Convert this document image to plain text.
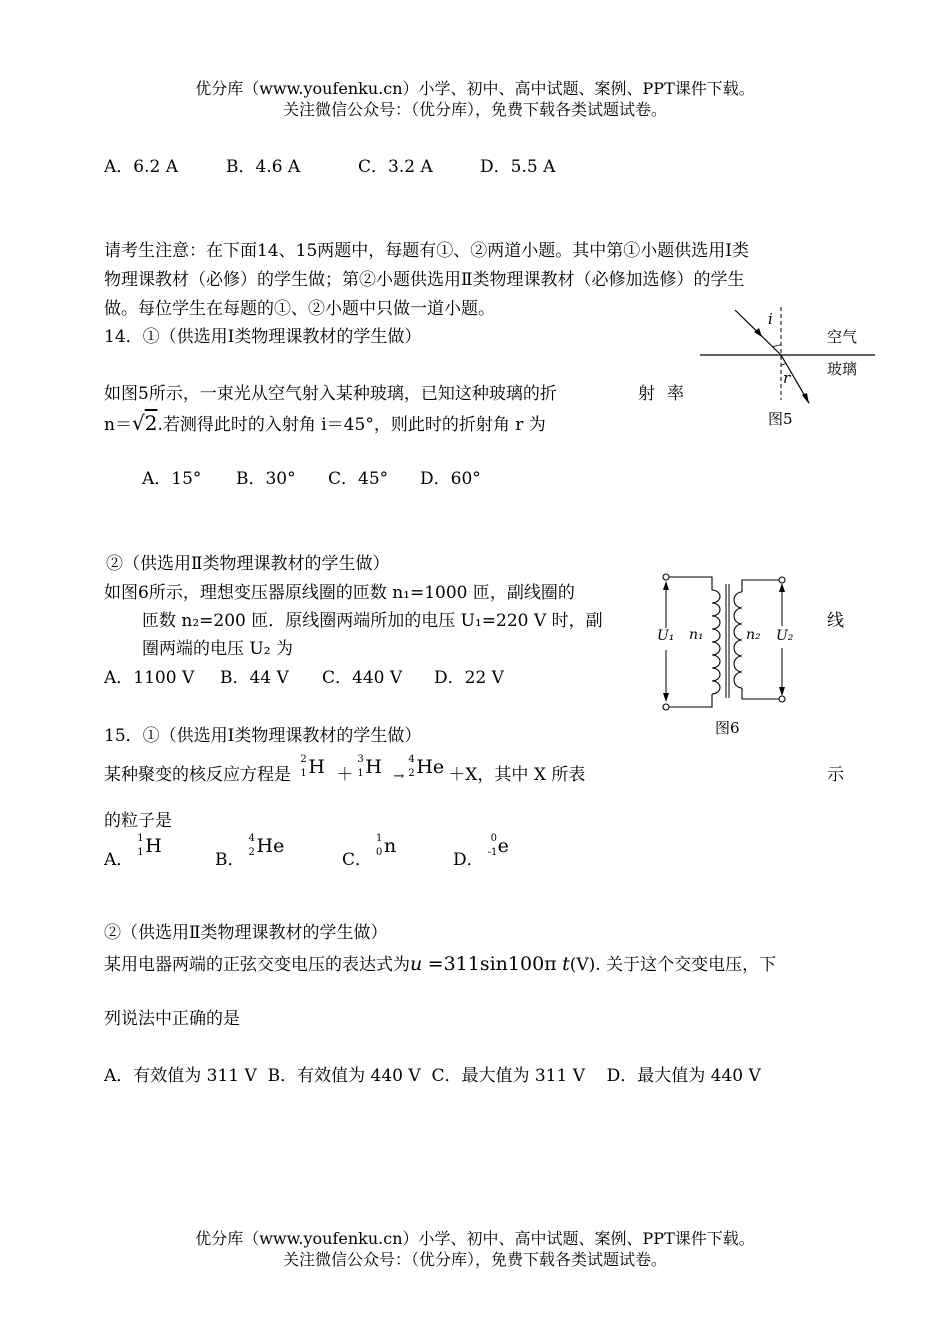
优分库（www.youfenku.cn）小学、初中、高中试题、案例、PPT课件下载。
关注微信公众号：（优分库），免费下载各类试题试卷。
A．6.2 A	B．4.6 A	C．3.2 A	D．5.5 A
请考生注意：在下面14、15两题中，每题有①、②两道小题。其中第①小题供选用Ⅰ类
物理课教材（必修）的学生做；第②小题供选用Ⅱ类物理课教材（必修加选修）的学生
做。每位学生在每题的①、②小题中只做一道小题。
14．①（供选用Ⅰ类物理课教材的学生做）
如图5所示，一束光从空气射入某种玻璃，已知这种玻璃的折	射 率
n＝√2.若测得此时的入射角 i＝45°，则此时的折射角 r 为
A．15° B．30° C．45° D．60°
i
r
空气
玻璃
图5
②（供选用Ⅱ类物理课教材的学生做）
如图6所示，理想变压器原线圈的匝数 n₁=1000 匝，副线圈的
匝数 n₂=200 匝．原线圈两端所加的电压 U₁=220 V 时，副	线
圈两端的电压 U₂ 为
A．1100 V B．44 V C．440 V D．22 V
U₁ n₁	n₂ U₂
图6
15．①（供选用Ⅰ类物理课教材的学生做）
某种聚变的核反应方程是
2
1 H ＋
3
1 H →
4
2 He ＋X，其中 X 所表	示
的粒子是
A．
1
1 H
B．
4
2 He
C．
1
0 n
D．
0
-1 e
②（供选用Ⅱ类物理课教材的学生做）
某用电器两端的正弦交变电压的表达式为u =311sin100π t(V). 关于这个交变电压，下
列说法中正确的是
A．有效值为 311 V  B．有效值为 440 V  C．最大值为 311 V    D．最大值为 440 V
优分库（www.youfenku.cn）小学、初中、高中试题、案例、PPT课件下载。
关注微信公众号：（优分库），免费下载各类试题试卷。
